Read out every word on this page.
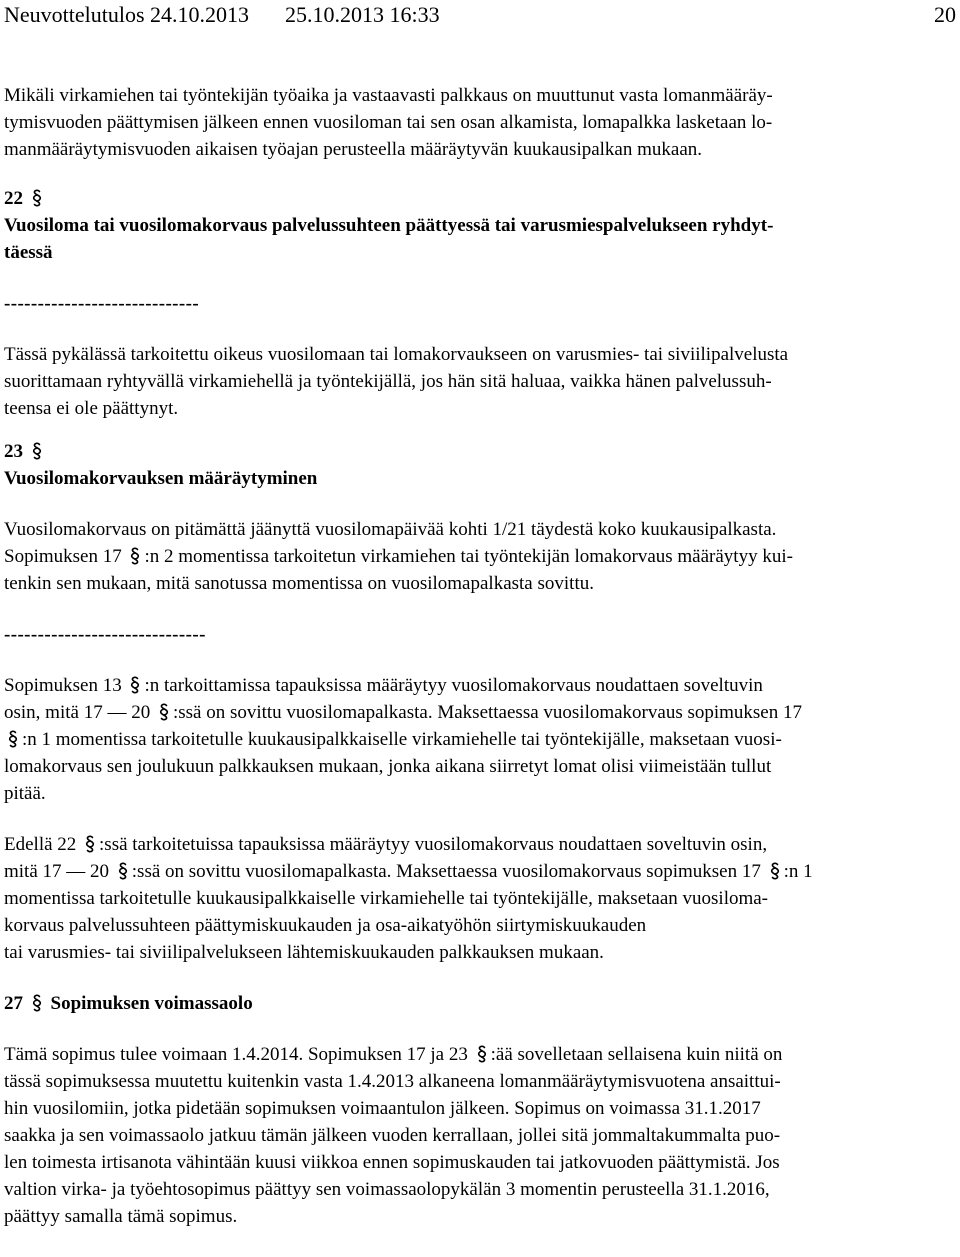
Neuvottelutulos 24.10.2013 25.10.2013 16:33	20
Mikäli virkamiehen tai työntekijän työaika ja vastaavasti palkkaus on muuttunut vasta lomanmääräy-
tymisvuoden päättymisen jälkeen ennen vuosiloman tai sen osan alkamista, lomapalkka lasketaan lo-
manmääräytymisvuoden aikaisen työajan perusteella määräytyvän kuukausipalkan mukaan.
22
Vuosiloma tai vuosilomakorvaus palvelussuhteen päättyessä tai varusmiespalvelukseen ryhdyt-
täessä
-----------------------------
Tässä pykälässä tarkoitettu oikeus vuosilomaan tai lomakorvaukseen on varusmies- tai siviilipalvelusta
suorittamaan ryhtyvällä virkamiehellä ja työntekijällä, jos hän sitä haluaa, vaikka hänen palvelussuh-
teensa ei ole päättynyt.
23
Vuosilomakorvauksen määräytyminen
Vuosilomakorvaus on pitämättä jäänyttä vuosilomapäivää kohti 1/21 täydestä koko kuukausipalkasta.
Sopimuksen 17 :n 2 momentissa tarkoitetun virkamiehen tai työntekijän lomakorvaus määräytyy kui-
tenkin sen mukaan, mitä sanotussa momentissa on vuosilomapalkasta sovittu.
------------------------------
Sopimuksen 13 :n tarkoittamissa tapauksissa määräytyy vuosilomakorvaus noudattaen soveltuvin
osin, mitä 17 — 20 :ssä on sovittu vuosilomapalkasta. Maksettaessa vuosilomakorvaus sopimuksen 17
:n 1 momentissa tarkoitetulle kuukausipalkkaiselle virkamiehelle tai työntekijälle, maksetaan vuosi-
lomakorvaus sen joulukuun palkkauksen mukaan, jonka aikana siirretyt lomat olisi viimeistään tullut
pitää.
Edellä 22 :ssä tarkoitetuissa tapauksissa määräytyy vuosilomakorvaus noudattaen soveltuvin osin,
mitä 17 — 20 :ssä on sovittu vuosilomapalkasta. Maksettaessa vuosilomakorvaus sopimuksen 17 :n 1
momentissa tarkoitetulle kuukausipalkkaiselle virkamiehelle tai työntekijälle, maksetaan vuosiloma-
korvaus palvelussuhteen päättymiskuukauden ja osa-aikatyöhön siirtymiskuukauden
tai varusmies- tai siviilipalvelukseen lähtemiskuukauden palkkauksen mukaan.
27 Sopimuksen voimassaolo
Tämä sopimus tulee voimaan 1.4.2014. Sopimuksen 17 ja 23 :ää sovelletaan sellaisena kuin niitä on
tässä sopimuksessa muutettu kuitenkin vasta 1.4.2013 alkaneena lomanmääräytymisvuotena ansaittui-
hin vuosilomiin, jotka pidetään sopimuksen voimaantulon jälkeen. Sopimus on voimassa 31.1.2017
saakka ja sen voimassaolo jatkuu tämän jälkeen vuoden kerrallaan, jollei sitä jommaltakummalta puo-
len toimesta irtisanota vähintään kuusi viikkoa ennen sopimuskauden tai jatkovuoden päättymistä. Jos
valtion virka- ja työehtosopimus päättyy sen voimassaolopykälän 3 momentin perusteella 31.1.2016,
päättyy samalla tämä sopimus.
